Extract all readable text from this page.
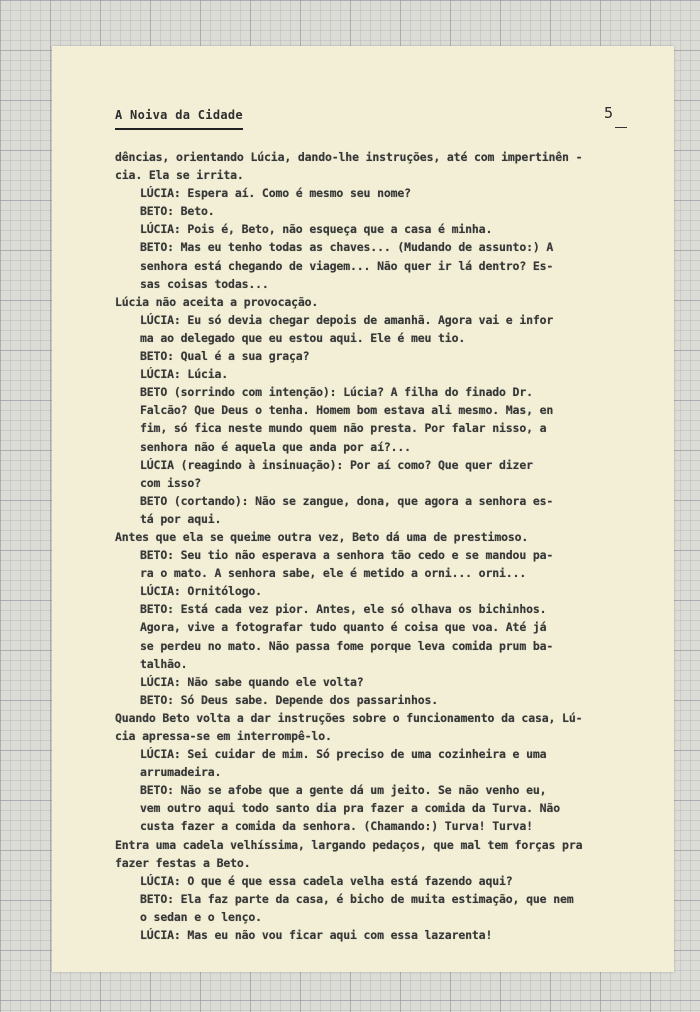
A Noiva da Cidade	5
dências, orientando Lúcia, dando-lhe instruções, até com impertinên -
cia. Ela se irrita.
LÚCIA: Espera aí. Como é mesmo seu nome?
BETO: Beto.
LÚCIA: Pois é, Beto, não esqueça que a casa é minha.
BETO: Mas eu tenho todas as chaves... (Mudando de assunto:) A
senhora está chegando de viagem... Não quer ir lá dentro? Es-
sas coisas todas...
Lúcia não aceita a provocação.
LÚCIA: Eu só devia chegar depois de amanhã. Agora vai e infor
ma ao delegado que eu estou aqui. Ele é meu tio.
BETO: Qual é a sua graça?
LÚCIA: Lúcia.
BETO (sorrindo com intenção): Lúcia? A filha do finado Dr.
Falcão? Que Deus o tenha. Homem bom estava ali mesmo. Mas, en
fim, só fica neste mundo quem não presta. Por falar nisso, a
senhora não é aquela que anda por aí?...
LÚCIA (reagindo à insinuação): Por aí como? Que quer dizer
com isso?
BETO (cortando): Não se zangue, dona, que agora a senhora es-
tá por aqui.
Antes que ela se queime outra vez, Beto dá uma de prestimoso.
BETO: Seu tio não esperava a senhora tão cedo e se mandou pa-
ra o mato. A senhora sabe, ele é metido a orni... orni...
LÚCIA: Ornitólogo.
BETO: Está cada vez pior. Antes, ele só olhava os bichinhos.
Agora, vive a fotografar tudo quanto é coisa que voa. Até já
se perdeu no mato. Não passa fome porque leva comida prum ba-
talhão.
LÚCIA: Não sabe quando ele volta?
BETO: Só Deus sabe. Depende dos passarinhos.
Quando Beto volta a dar instruções sobre o funcionamento da casa, Lú-
cia apressa-se em interrompê-lo.
LÚCIA: Sei cuidar de mim. Só preciso de uma cozinheira e uma
arrumadeira.
BETO: Não se afobe que a gente dá um jeito. Se não venho eu,
vem outro aqui todo santo dia pra fazer a comida da Turva. Não
custa fazer a comida da senhora. (Chamando:) Turva! Turva!
Entra uma cadela velhíssima, largando pedaços, que mal tem forças pra
fazer festas a Beto.
LÚCIA: O que é que essa cadela velha está fazendo aqui?
BETO: Ela faz parte da casa, é bicho de muita estimação, que nem
o sedan e o lenço.
LÚCIA: Mas eu não vou ficar aqui com essa lazarenta!
